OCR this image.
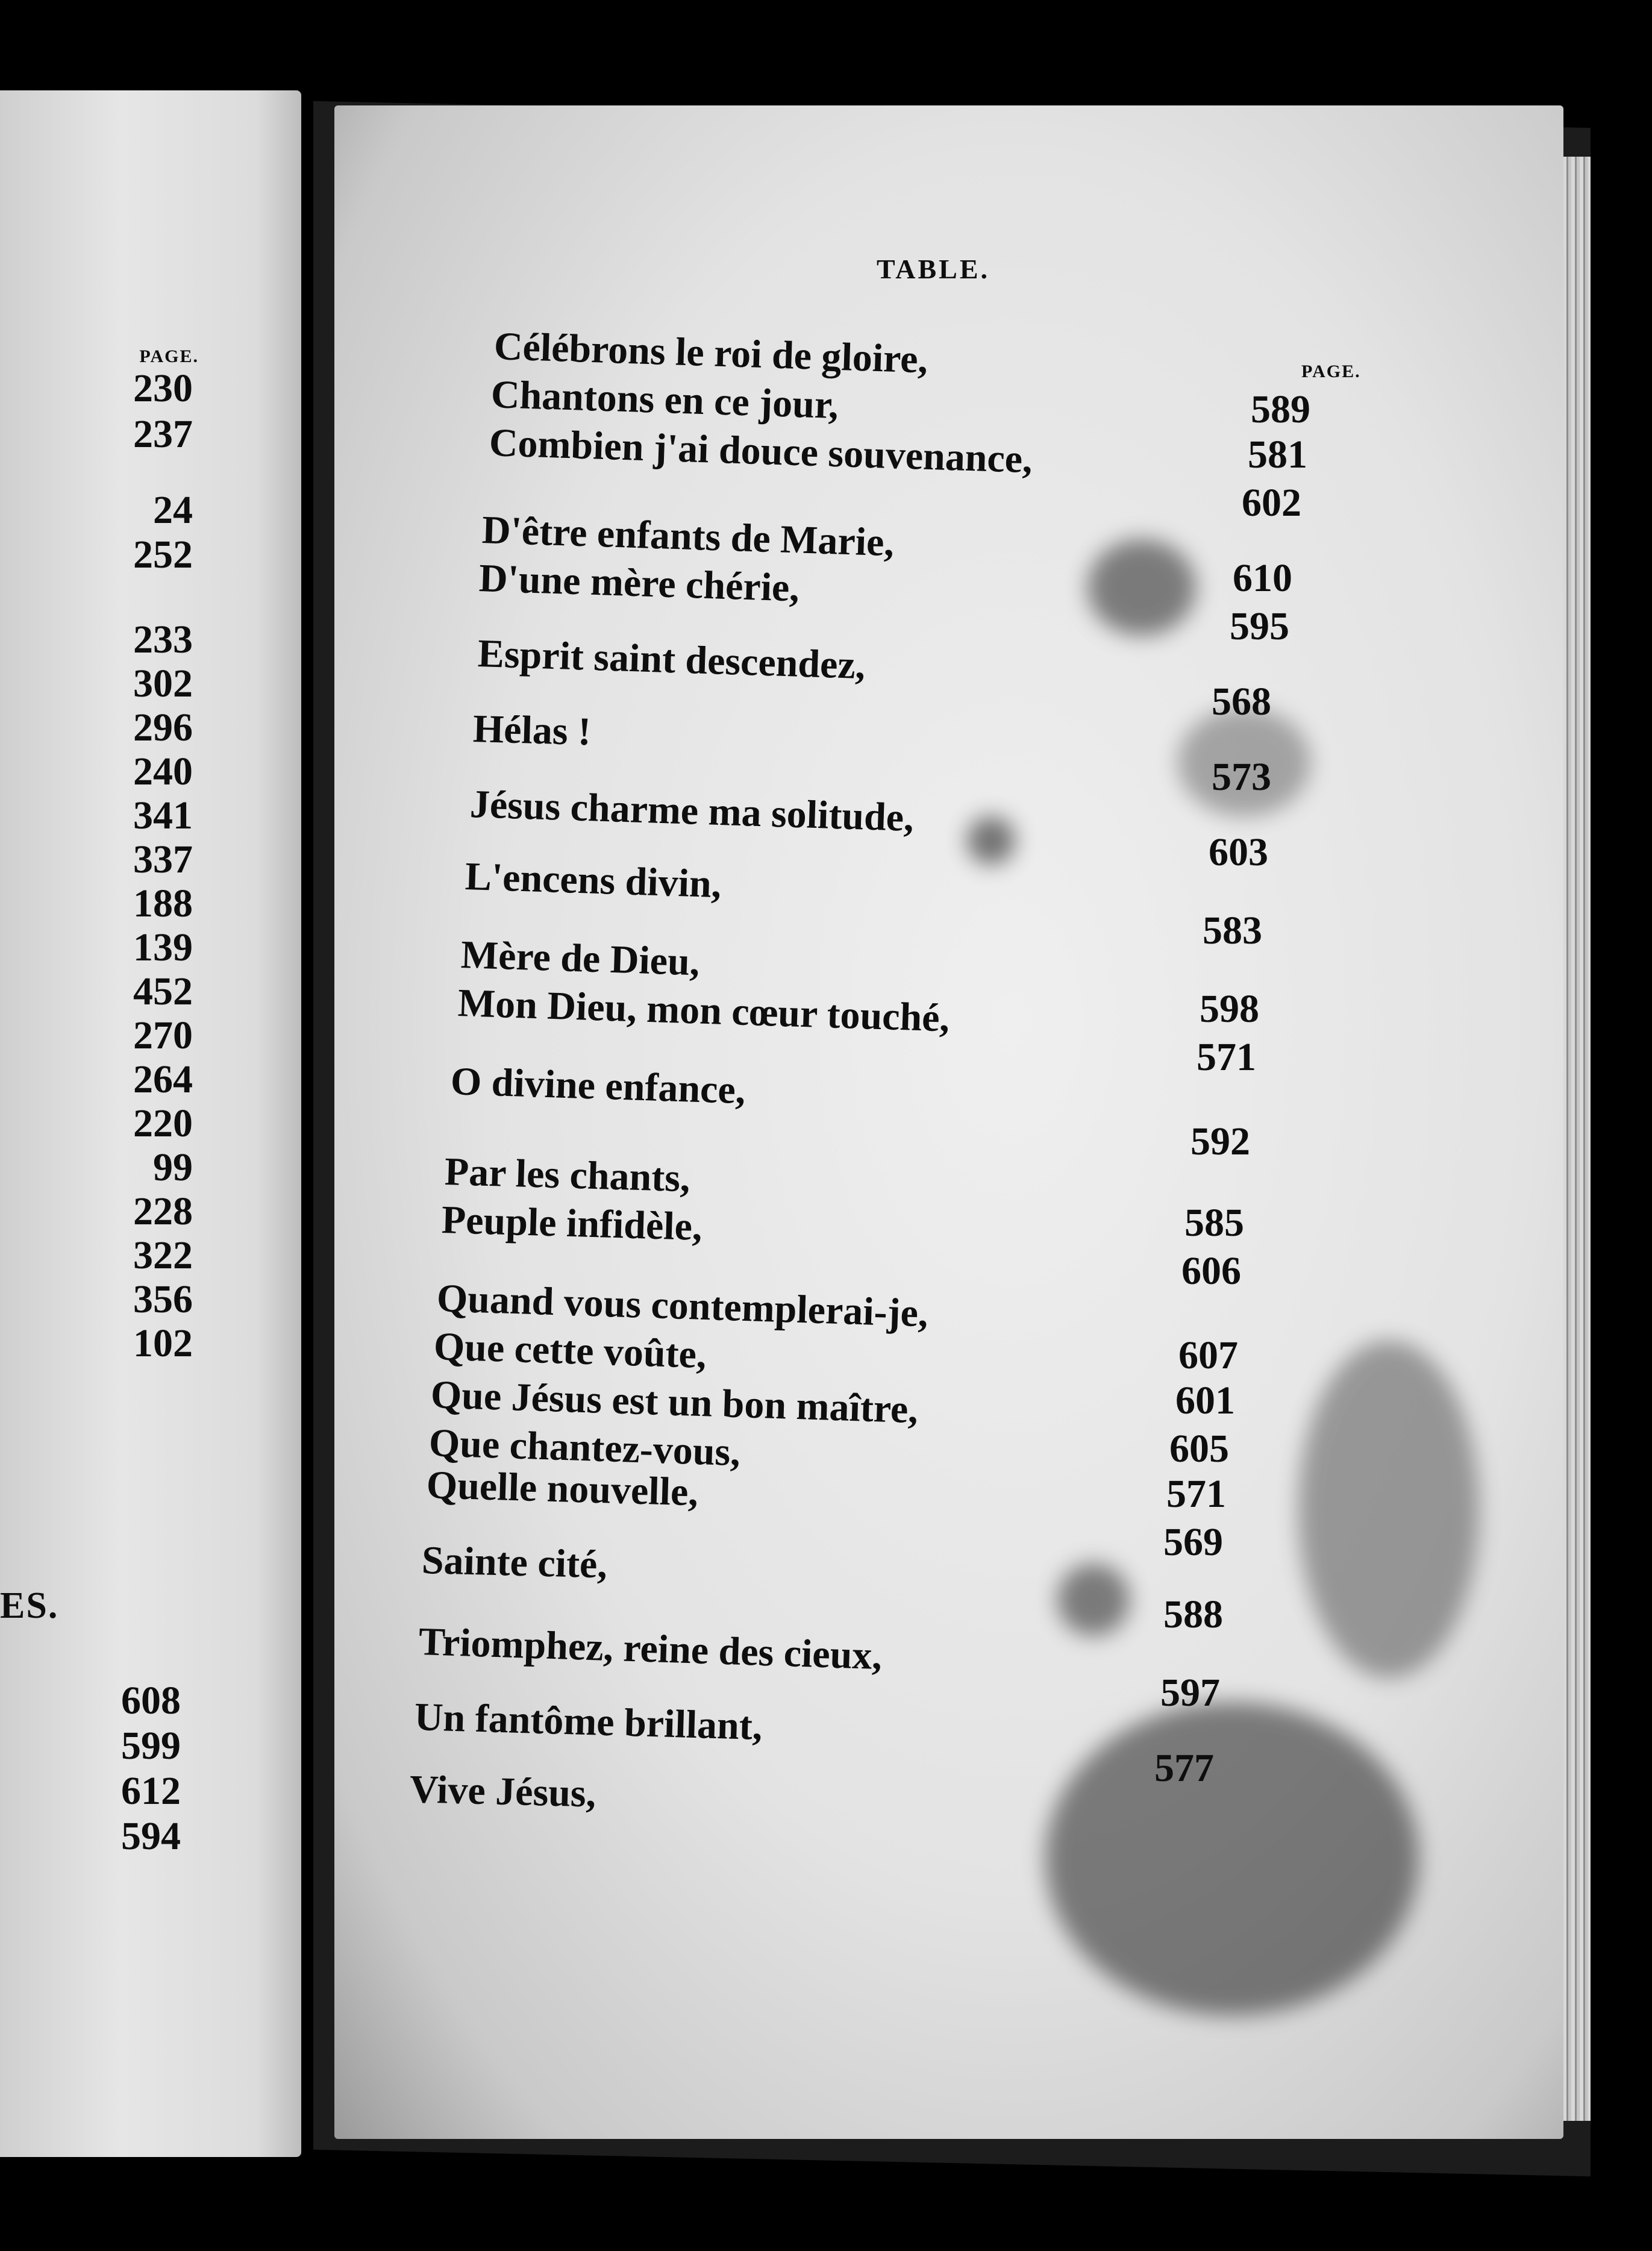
PAGE.
230
237
24
252
233
302
296
240
341
337
188
139
452
270
264
220
99
228
322
356
102
ES.
608
599
612
594
TABLE.
PAGE.
Célébrons le roi de gloire,
589
Chantons en ce jour,
581
Combien j'ai douce souvenance,
602
D'être enfants de Marie,
610
D'une mère chérie,
595
Esprit saint descendez,
568
Hélas !
573
Jésus charme ma solitude,
603
L'encens divin,
583
Mère de Dieu,
598
Mon Dieu, mon cœur touché,
571
O divine enfance,
592
Par les chants,
585
Peuple infidèle,
606
Quand vous contemplerai-je,
607
Que cette voûte,
601
Que Jésus est un bon maître,
605
Que chantez-vous,
571
Quelle nouvelle,
569
Sainte cité,
588
Triomphez, reine des cieux,
597
Un fantôme brillant,
577
Vive Jésus,
